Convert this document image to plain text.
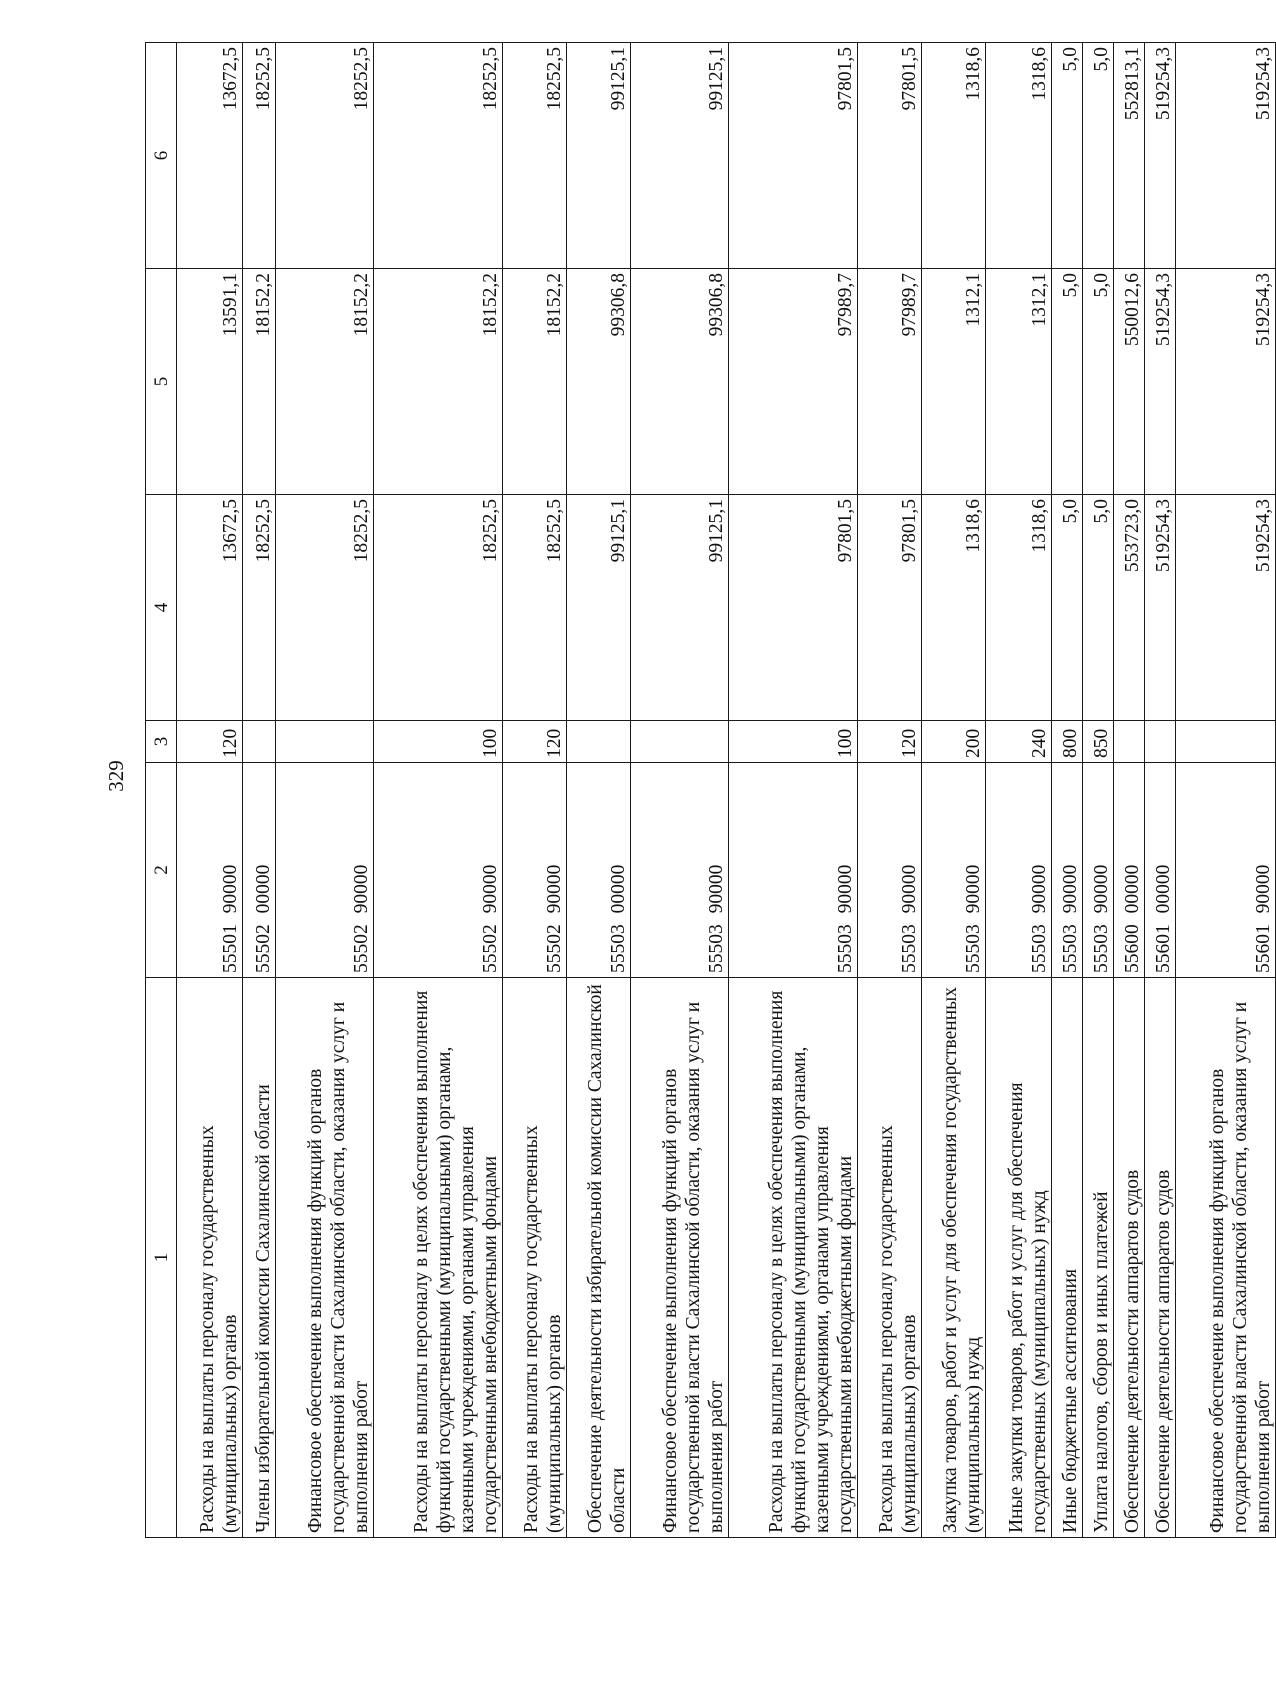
329
1	2	3	4	5	6
Расходы на выплаты персоналу государственных (муниципальных) органов	55501 90000	120	13672,5	13591,1	13672,5
Члены избирательной комиссии Сахалинской области	55502 00000		18252,5	18152,2	18252,5
Финансовое обеспечение выполнения функций органов государственной власти Сахалинской области, оказания услуг и выполнения работ	55502 90000		18252,5	18152,2	18252,5
Расходы на выплаты персоналу в целях обеспечения выполнения функций государственными (муниципальными) органами, казенными учреждениями, органами управления государственными внебюджетными фондами	55502 90000	100	18252,5	18152,2	18252,5
Расходы на выплаты персоналу государственных (муниципальных) органов	55502 90000	120	18252,5	18152,2	18252,5
Обеспечение деятельности избирательной комиссии Сахалинской области	55503 00000		99125,1	99306,8	99125,1
Финансовое обеспечение выполнения функций органов государственной власти Сахалинской области, оказания услуг и выполнения работ	55503 90000		99125,1	99306,8	99125,1
Расходы на выплаты персоналу в целях обеспечения выполнения функций государственными (муниципальными) органами, казенными учреждениями, органами управления государственными внебюджетными фондами	55503 90000	100	97801,5	97989,7	97801,5
Расходы на выплаты персоналу государственных (муниципальных) органов	55503 90000	120	97801,5	97989,7	97801,5
Закупка товаров, работ и услуг для обеспечения государственных (муниципальных) нужд	55503 90000	200	1318,6	1312,1	1318,6
Иные закупки товаров, работ и услуг для обеспечения государственных (муниципальных) нужд	55503 90000	240	1318,6	1312,1	1318,6
Иные бюджетные ассигнования	55503 90000	800	5,0	5,0	5,0
Уплата налогов, сборов и иных платежей	55503 90000	850	5,0	5,0	5,0
Обеспечение деятельности аппаратов судов	55600 00000		553723,0	550012,6	552813,1
Обеспечение деятельности аппаратов судов	55601 00000		519254,3	519254,3	519254,3
Финансовое обеспечение выполнения функций органов государственной власти Сахалинской области, оказания услуг и выполнения работ	55601 90000		519254,3	519254,3	519254,3
